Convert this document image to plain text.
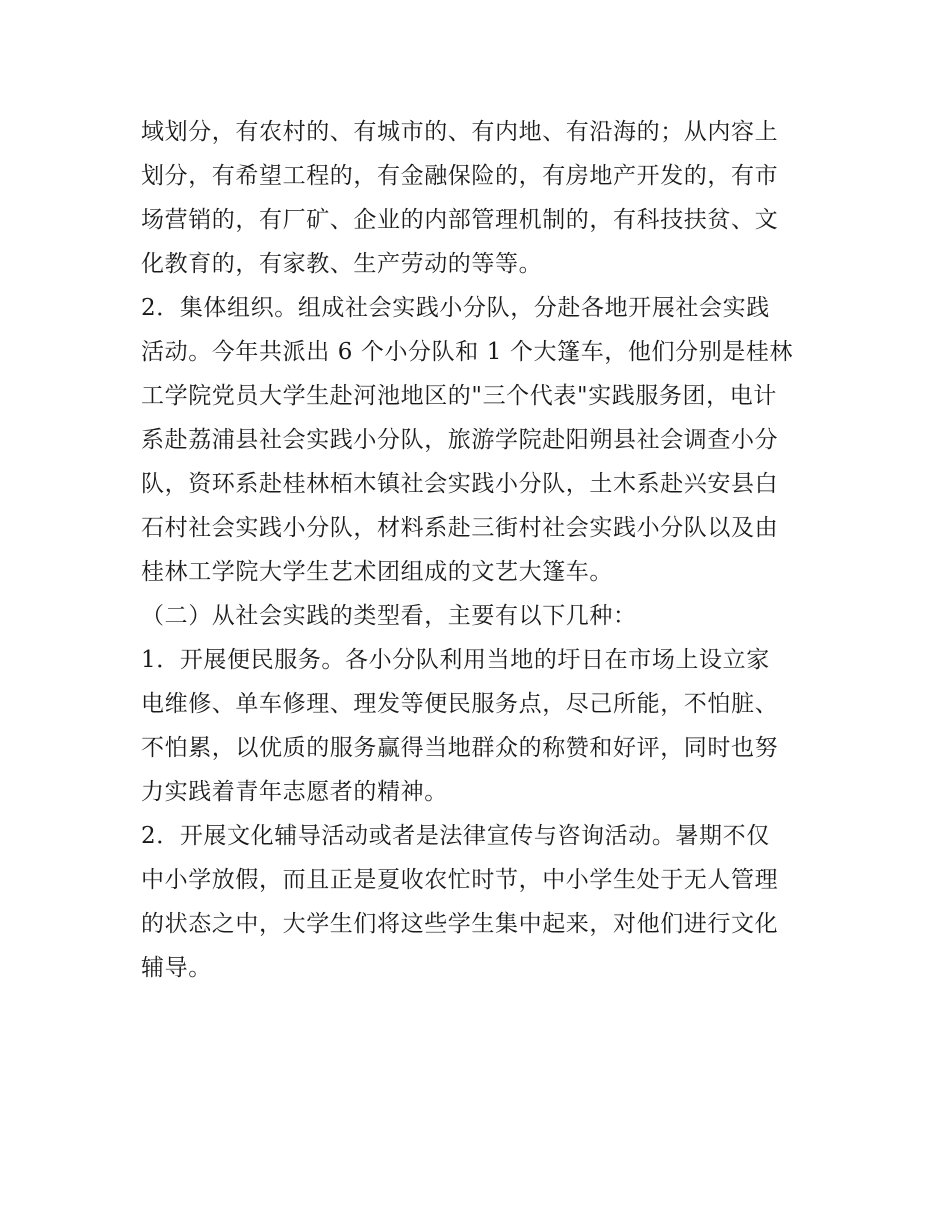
域划分，有农村的、有城市的、有内地、有沿海的；从内容上
划分，有希望工程的，有金融保险的，有房地产开发的，有市
场营销的，有厂矿、企业的内部管理机制的，有科技扶贫、文
化教育的，有家教、生产劳动的等等。
2．集体组织。组成社会实践小分队，分赴各地开展社会实践
活动。今年共派出 6 个小分队和 1 个大篷车，他们分别是桂林
工学院党员大学生赴河池地区的"三个代表"实践服务团，电计
系赴荔浦县社会实践小分队，旅游学院赴阳朔县社会调查小分
队，资环系赴桂林栢木镇社会实践小分队，土木系赴兴安县白
石村社会实践小分队，材料系赴三街村社会实践小分队以及由
桂林工学院大学生艺术团组成的文艺大篷车。
（二）从社会实践的类型看，主要有以下几种：
1．开展便民服务。各小分队利用当地的圩日在市场上设立家
电维修、单车修理、理发等便民服务点，尽己所能，不怕脏、
不怕累，以优质的服务赢得当地群众的称赞和好评，同时也努
力实践着青年志愿者的精神。
2．开展文化辅导活动或者是法律宣传与咨询活动。暑期不仅
中小学放假，而且正是夏收农忙时节，中小学生处于无人管理
的状态之中，大学生们将这些学生集中起来，对他们进行文化
辅导。
